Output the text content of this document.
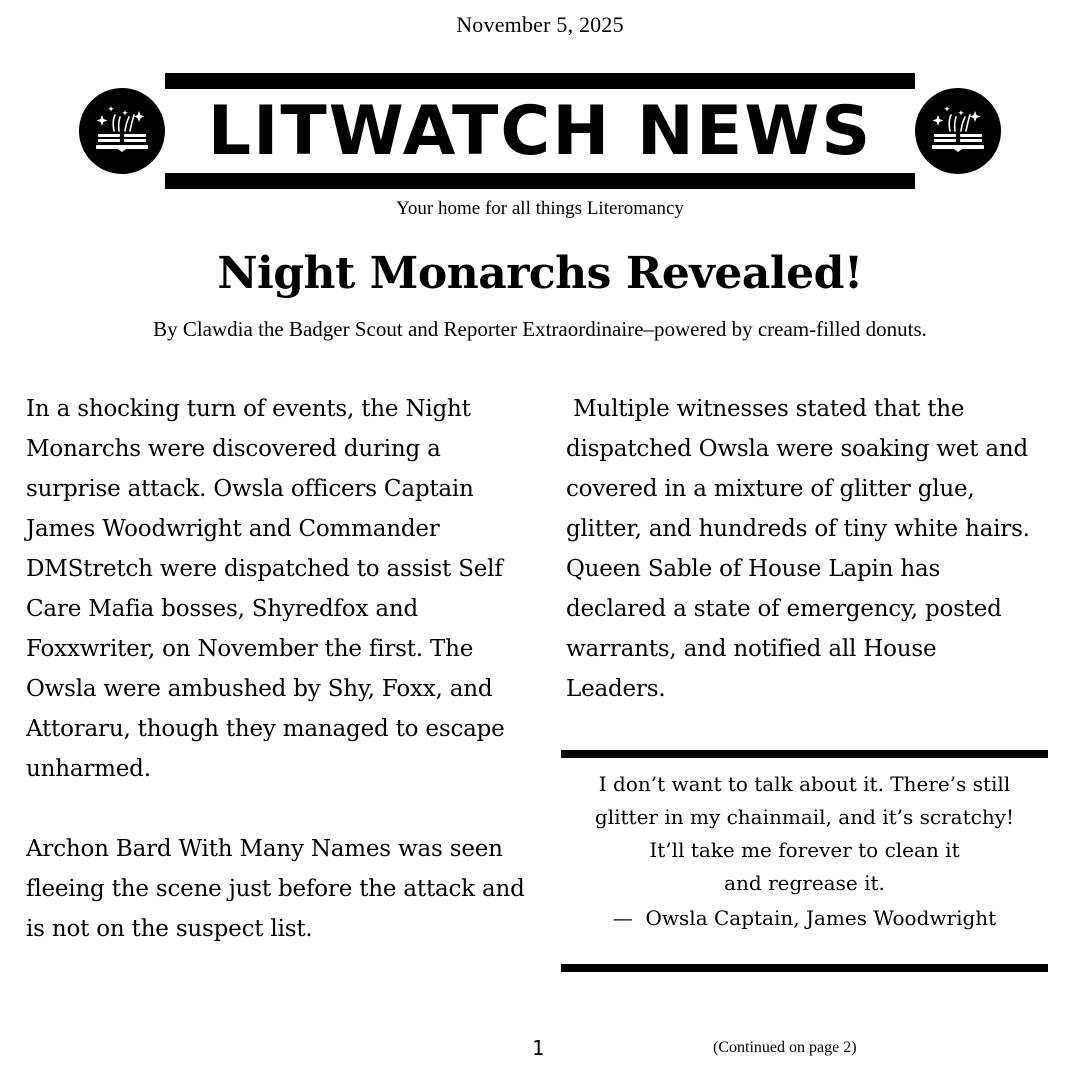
November 5, 2025
LITWATCH NEWS
Your home for all things Literomancy
Night Monarchs Revealed!
By Clawdia the Badger Scout and Reporter Extraordinaire–powered by cream-filled donuts.

In a shocking turn of events, the Night Monarchs were discovered during a surprise attack. Owsla officers Captain James Woodwright and Commander DMStretch were dispatched to assist Self Care Mafia bosses, Shyredfox and Foxxwriter, on November the first. The Owsla were ambushed by Shy, Foxx, and Attoraru, though they managed to escape unharmed.

Archon Bard With Many Names was seen fleeing the scene just before the attack and is not on the suspect list.

Multiple witnesses stated that the dispatched Owsla were soaking wet and covered in a mixture of glitter glue, glitter, and hundreds of tiny white hairs. Queen Sable of House Lapin has declared a state of emergency, posted warrants, and notified all House Leaders.

I don’t want to talk about it. There’s still
glitter in my chainmail, and it’s scratchy!
It’ll take me forever to clean it
and regrease it.
—  Owsla Captain, James Woodwright
1	(Continued on page 2)
